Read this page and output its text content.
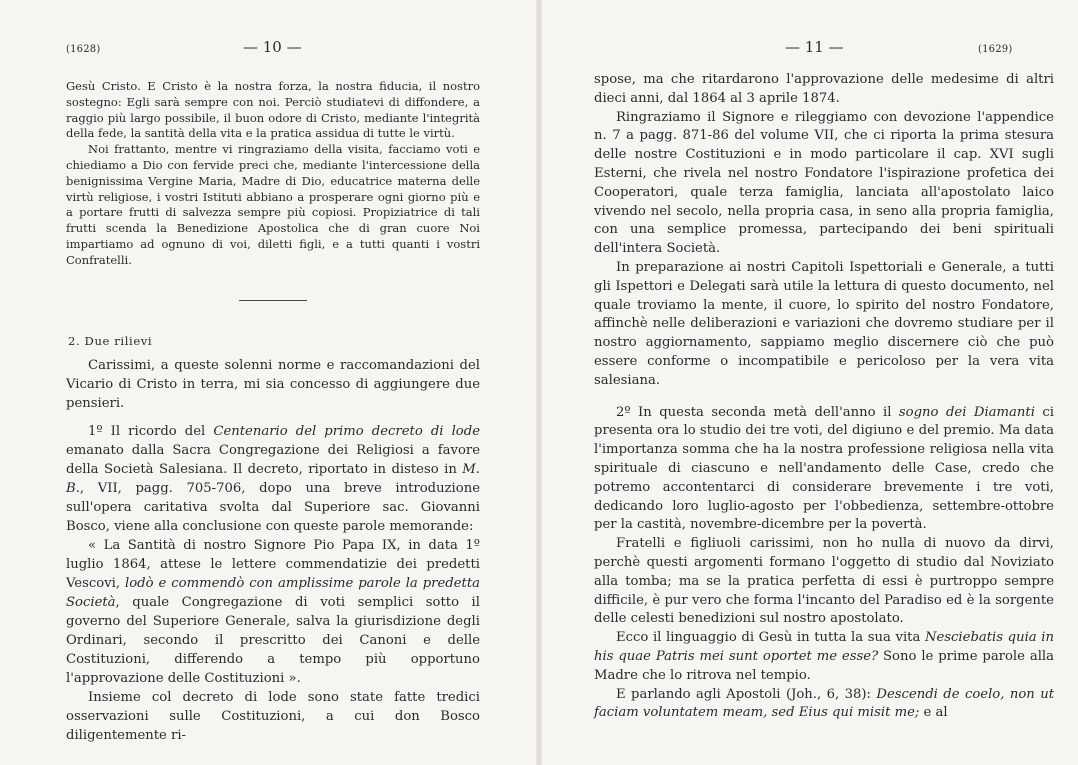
(1628)	— 10 —

Gesù Cristo. E Cristo è la nostra forza, la nostra fiducia, il nostro sostegno: Egli sarà sempre con noi. Perciò studiatevi di diffondere, a raggio più largo possibile, il buon odore di Cristo, mediante l'integrità della fede, la santità della vita e la pratica assidua di tutte le virtù.

Noi frattanto, mentre vi ringraziamo della visita, facciamo voti e chiediamo a Dio con fervide preci che, mediante l'intercessione della benignissima Vergine Maria, Madre di Dio, educatrice materna delle virtù religiose, i vostri Istituti abbiano a prosperare ogni giorno più e a portare frutti di salvezza sempre più copiosi. Propiziatrice di tali frutti scenda la Benedizione Apostolica che di gran cuore Noi impartiamo ad ognuno di voi, diletti figli, e a tutti quanti i vostri Confratelli.

2. Due rilievi

Carissimi, a queste solenni norme e raccomandazioni del Vicario di Cristo in terra, mi sia concesso di aggiungere due pensieri.

1º Il ricordo del Centenario del primo decreto di lode emanato dalla Sacra Congregazione dei Religiosi a favore della Società Salesiana. Il decreto, riportato in disteso in M. B., VII, pagg. 705-706, dopo una breve introduzione sull'opera caritativa svolta dal Superiore sac. Giovanni Bosco, viene alla conclusione con queste parole memorande:

« La Santità di nostro Signore Pio Papa IX, in data 1º luglio 1864, attese le lettere commendatizie dei predetti Vescovi, lodò e commendò con amplissime parole la predetta Società, quale Congregazione di voti semplici sotto il governo del Superiore Generale, salva la giurisdizione degli Ordinari, secondo il prescritto dei Canoni e delle Costituzioni, differendo a tempo più opportuno l'approvazione delle Costituzioni ».

Insieme col decreto di lode sono state fatte tredici osservazioni sulle Costituzioni, a cui don Bosco diligentemente ri-

— 11 —	(1629)

spose, ma che ritardarono l'approvazione delle medesime di altri dieci anni, dal 1864 al 3 aprile 1874.

Ringraziamo il Signore e rileggiamo con devozione l'appendice n. 7 a pagg. 871-86 del volume VII, che ci riporta la prima stesura delle nostre Costituzioni e in modo particolare il cap. XVI sugli Esterni, che rivela nel nostro Fondatore l'ispirazione profetica dei Cooperatori, quale terza famiglia, lanciata all'apostolato laico vivendo nel secolo, nella propria casa, in seno alla propria famiglia, con una semplice promessa, partecipando dei beni spirituali dell'intera Società.

In preparazione ai nostri Capitoli Ispettoriali e Generale, a tutti gli Ispettori e Delegati sarà utile la lettura di questo documento, nel quale troviamo la mente, il cuore, lo spirito del nostro Fondatore, affinchè nelle deliberazioni e variazioni che dovremo studiare per il nostro aggiornamento, sappiamo meglio discernere ciò che può essere conforme o incompatibile e pericoloso per la vera vita salesiana.

2º In questa seconda metà dell'anno il sogno dei Diamanti ci presenta ora lo studio dei tre voti, del digiuno e del premio. Ma data l'importanza somma che ha la nostra professione religiosa nella vita spirituale di ciascuno e nell'andamento delle Case, credo che potremo accontentarci di considerare brevemente i tre voti, dedicando loro luglio-agosto per l'obbedienza, settembre-ottobre per la castità, novembre-dicembre per la povertà.

Fratelli e figliuoli carissimi, non ho nulla di nuovo da dirvi, perchè questi argomenti formano l'oggetto di studio dal Noviziato alla tomba; ma se la pratica perfetta di essi è purtroppo sempre difficile, è pur vero che forma l'incanto del Paradiso ed è la sorgente delle celesti benedizioni sul nostro apostolato.

Ecco il linguaggio di Gesù in tutta la sua vita Nesciebatis quia in his quae Patris mei sunt oportet me esse? Sono le prime parole alla Madre che lo ritrova nel tempio.

E parlando agli Apostoli (Joh., 6, 38): Descendi de coelo, non ut faciam voluntatem meam, sed Eius qui misit me; e al
